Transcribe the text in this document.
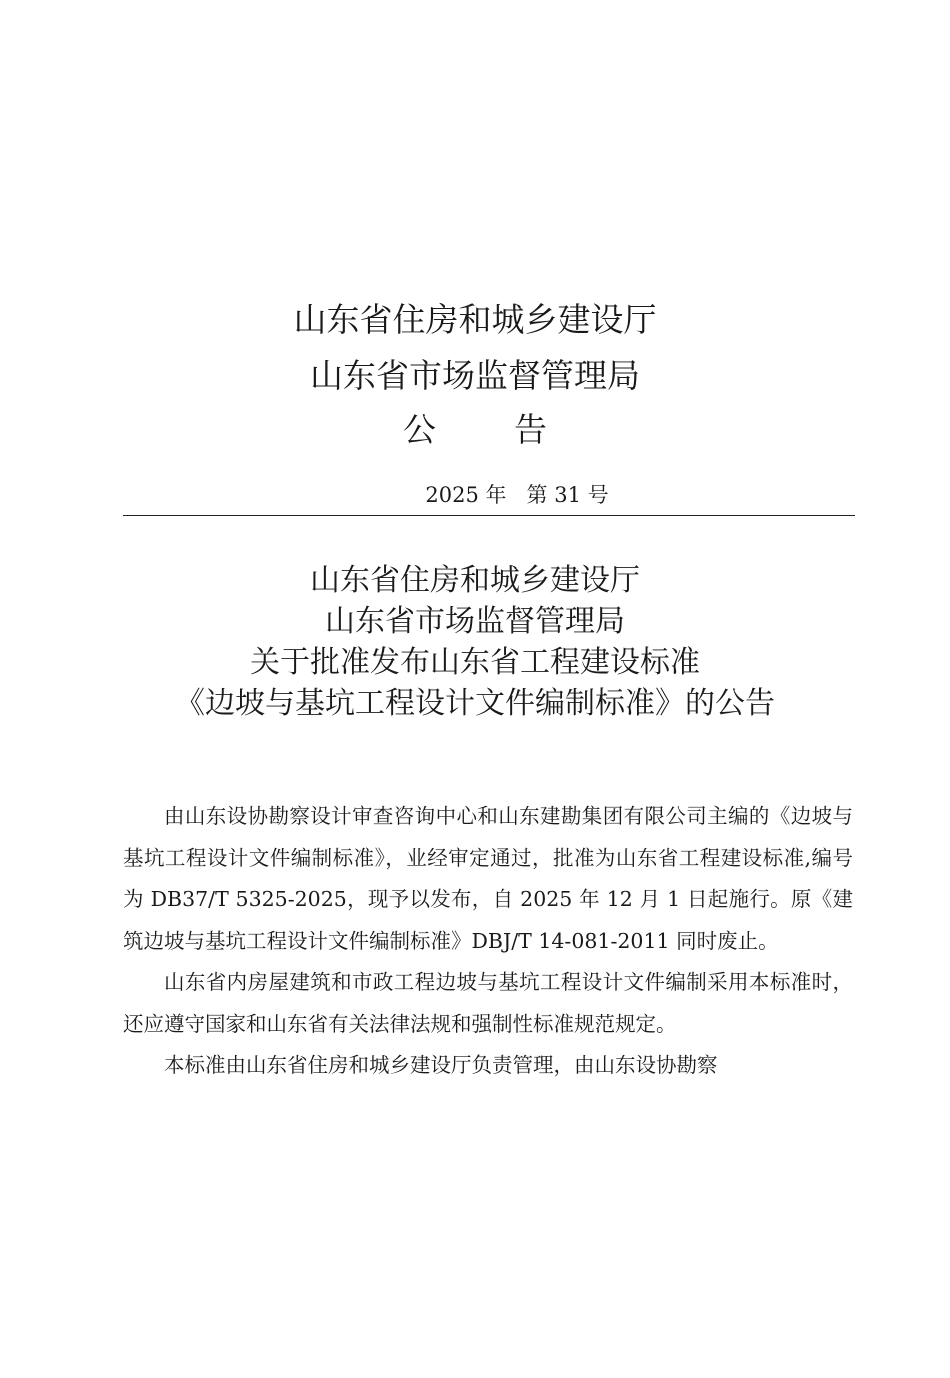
山东省住房和城乡建设厅
山东省市场监督管理局
公 告
2025 年   第 31 号
山东省住房和城乡建设厅
山东省市场监督管理局
关于批准发布山东省工程建设标准
《边坡与基坑工程设计文件编制标准》的公告

由山东设协勘察设计审查咨询中心和山东建勘集团有限公司主编的《边坡与基坑工程设计文件编制标准》，业经审定通过，批准为山东省工程建设标准,编号为 DB37/T 5325-2025，现予以发布，自 2025 年 12 月 1 日起施行。原《建筑边坡与基坑工程设计文件编制标准》DBJ/T 14-081-2011 同时废止。

山东省内房屋建筑和市政工程边坡与基坑工程设计文件编制采用本标准时，还应遵守国家和山东省有关法律法规和强制性标准规范规定。

本标准由山东省住房和城乡建设厅负责管理，由山东设协勘察
